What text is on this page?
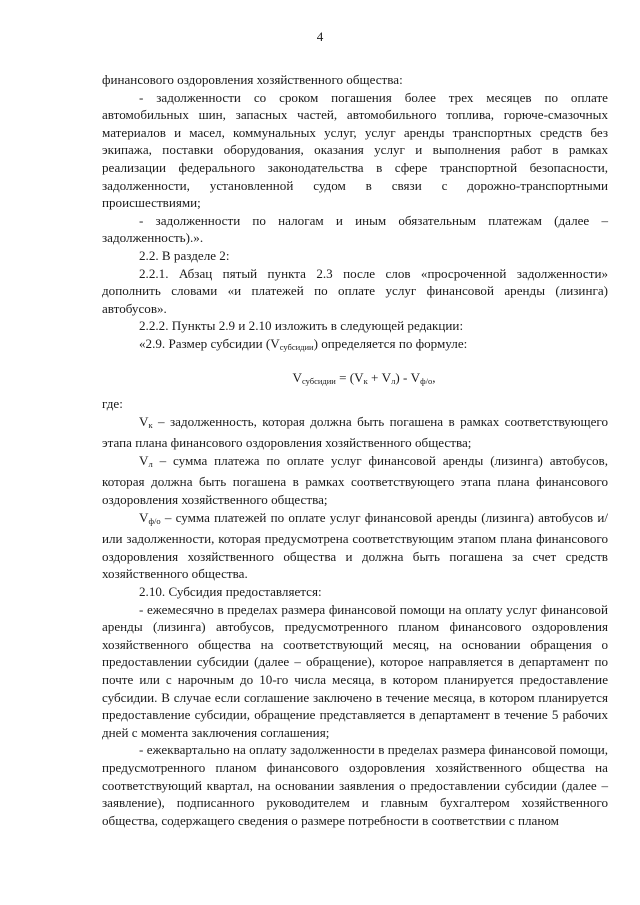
4

финансового оздоровления хозяйственного общества:

- задолженности со сроком погашения более трех месяцев по оплате автомобильных шин, запасных частей, автомобильного топлива, горюче-смазочных материалов и масел, коммунальных услуг, услуг аренды транспортных средств без экипажа, поставки оборудования, оказания услуг и выполнения работ в рамках реализации федерального законодательства в сфере транспортной безопасности, задолженности, установленной судом в связи с дорожно-транспортными происшествиями;

- задолженности по налогам и иным обязательным платежам (далее – задолженность).».

2.2. В разделе 2:

2.2.1. Абзац пятый пункта 2.3 после слов «просроченной задолженности» дополнить словами «и платежей по оплате услуг финансовой аренды (лизинга) автобусов».

2.2.2. Пункты 2.9 и 2.10 изложить в следующей редакции:

«2.9. Размер субсидии $(V_{субсидии})$ определяется по формуле:

$V_{субсидии} = (V_к + V_л) - V_{ф/о}$,

где:

$V_к$ – задолженность, которая должна быть погашена в рамках соответствующего этапа плана финансового оздоровления хозяйственного общества;

$V_л$ – сумма платежа по оплате услуг финансовой аренды (лизинга) автобусов, которая должна быть погашена в рамках соответствующего этапа плана финансового оздоровления хозяйственного общества;

$V_{ф/о}$ – сумма платежей по оплате услуг финансовой аренды (лизинга) автобусов и/или задолженности, которая предусмотрена соответствующим этапом плана финансового оздоровления хозяйственного общества и должна быть погашена за счет средств хозяйственного общества.

2.10. Субсидия предоставляется:

- ежемесячно в пределах размера финансовой помощи на оплату услуг финансовой аренды (лизинга) автобусов, предусмотренного планом финансового оздоровления хозяйственного общества на соответствующий месяц, на основании обращения о предоставлении субсидии (далее – обращение), которое направляется в департамент по почте или с нарочным до 10-го числа месяца, в котором планируется предоставление субсидии. В случае если соглашение заключено в течение месяца, в котором планируется предоставление субсидии, обращение представляется в департамент в течение 5 рабочих дней с момента заключения соглашения;

- ежеквартально на оплату задолженности в пределах размера финансовой помощи, предусмотренного планом финансового оздоровления хозяйственного общества на соответствующий квартал, на основании заявления о предоставлении субсидии (далее – заявление), подписанного руководителем и главным бухгалтером хозяйственного общества, содержащего сведения о размере потребности в соответствии с планом
